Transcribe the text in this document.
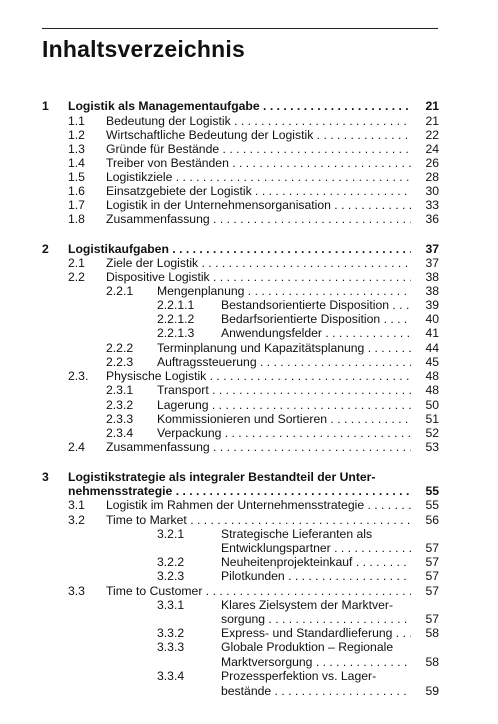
Inhaltsverzeichnis
1 Logistik als Managementaufgabe . . .	21
1.1 Bedeutung der Logistik . . .	21
1.2 Wirtschaftliche Bedeutung der Logistik . . .	22
1.3 Gründe für Bestände . . .	24
1.4 Treiber von Beständen . . .	26
1.5 Logistikziele . . .	28
1.6 Einsatzgebiete der Logistik . . .	30
1.7 Logistik in der Unternehmensorganisation . . .	33
1.8 Zusammenfassung . . .	36
2 Logistikaufgaben . . .	37
2.1 Ziele der Logistik . . .	37
2.2 Dispositive Logistik . . .	38
2.2.1 Mengenplanung . . .	38
2.2.1.1 Bestandsorientierte Disposition . . .	39
2.2.1.2 Bedarfsorientierte Disposition . . .	40
2.2.1.3 Anwendungsfelder . . .	41
2.2.2 Terminplanung und Kapazitätsplanung . . .	44
2.2.3 Auftragssteuerung . . .	45
2.3. Physische Logistik . . .	48
2.3.1 Transport . . .	48
2.3.2 Lagerung . . .	50
2.3.3 Kommissionieren und Sortieren . . .	51
2.3.4 Verpackung . . .	52
2.4 Zusammenfassung . . .	53
3 Logistikstrategie als integraler Bestandteil der Unter-
nehmensstrategie . . .	55
3.1 Logistik im Rahmen der Unternehmensstrategie . . .	55
3.2 Time to Market . . .	56
3.2.1	Strategische Lieferanten als
Entwicklungspartner . . .	57
3.2.2	Neuheitenprojekteinkauf . . .	57
3.2.3	Pilotkunden . . .	57
3.3 Time to Customer . . .	57
3.3.1	Klares Zielsystem der Marktver-
sorgung . . .	57
3.3.2	Express- und Standardlieferung . . .	58
3.3.3	Globale Produktion – Regionale
Marktversorgung . . .	58
3.3.4	Prozessperfektion vs. Lager-
bestände . . .	59
